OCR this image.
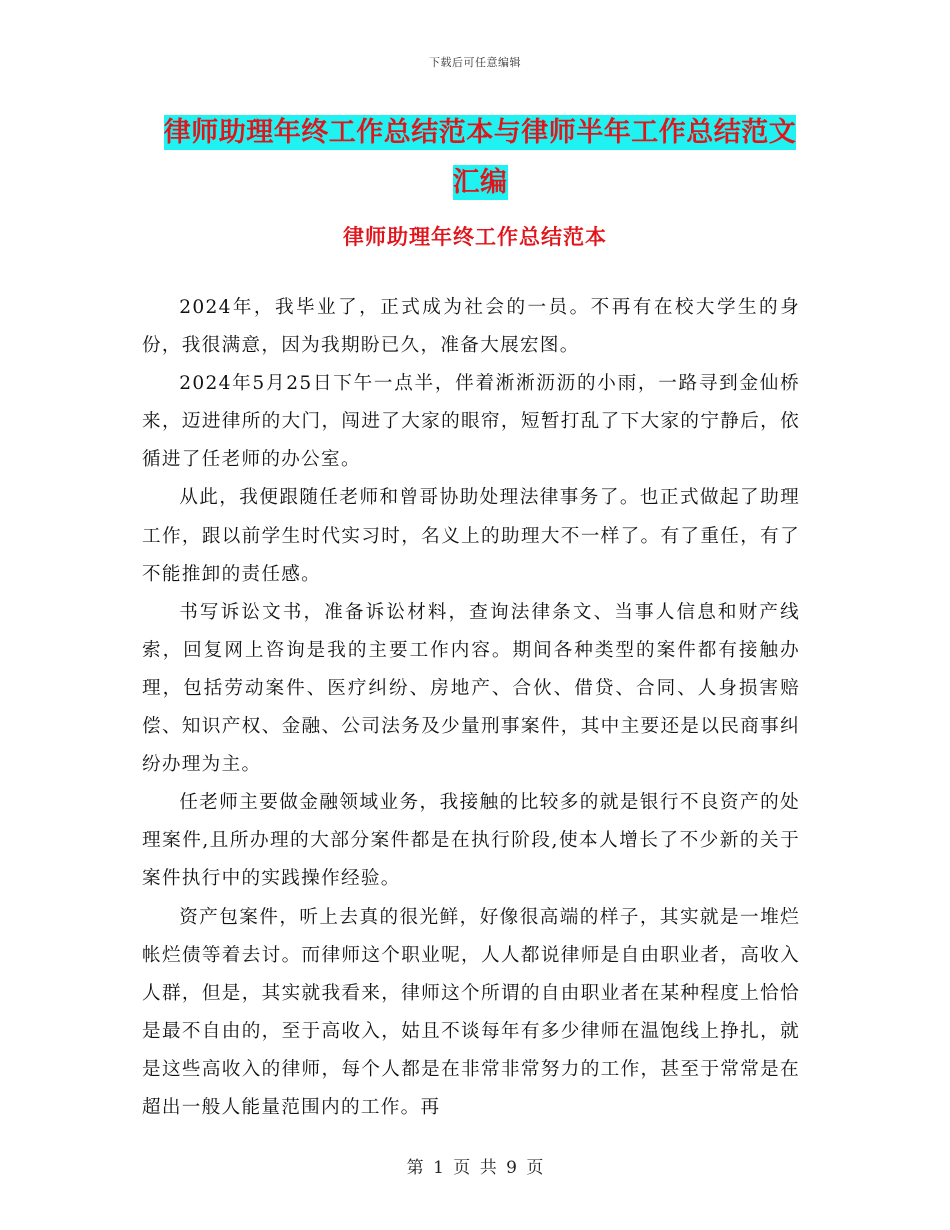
下载后可任意编辑
律师助理年终工作总结范本与律师半年工作总结范文
汇编
律师助理年终工作总结范本

2024年，我毕业了，正式成为社会的一员。不再有在校大学生的身份，我很满意，因为我期盼已久，准备大展宏图。

2024年5月25日下午一点半，伴着淅淅沥沥的小雨，一路寻到金仙桥来，迈进律所的大门，闯进了大家的眼帘，短暂打乱了下大家的宁静后，依循进了任老师的办公室。

从此，我便跟随任老师和曾哥协助处理法律事务了。也正式做起了助理工作，跟以前学生时代实习时，名义上的助理大不一样了。有了重任，有了不能推卸的责任感。

书写诉讼文书，准备诉讼材料，查询法律条文、当事人信息和财产线索，回复网上咨询是我的主要工作内容。期间各种类型的案件都有接触办理，包括劳动案件、医疗纠纷、房地产、合伙、借贷、合同、人身损害赔偿、知识产权、金融、公司法务及少量刑事案件，其中主要还是以民商事纠纷办理为主。

任老师主要做金融领域业务，我接触的比较多的就是银行不良资产的处理案件,且所办理的大部分案件都是在执行阶段,使本人增长了不少新的关于案件执行中的实践操作经验。

资产包案件，听上去真的很光鲜，好像很高端的样子，其实就是一堆烂帐烂债等着去讨。而律师这个职业呢，人人都说律师是自由职业者，高收入人群，但是，其实就我看来，律师这个所谓的自由职业者在某种程度上恰恰是最不自由的，至于高收入，姑且不谈每年有多少律师在温饱线上挣扎，就是这些高收入的律师，每个人都是在非常非常努力的工作，甚至于常常是在超出一般人能量范围内的工作。再

第 1 页 共 9 页
